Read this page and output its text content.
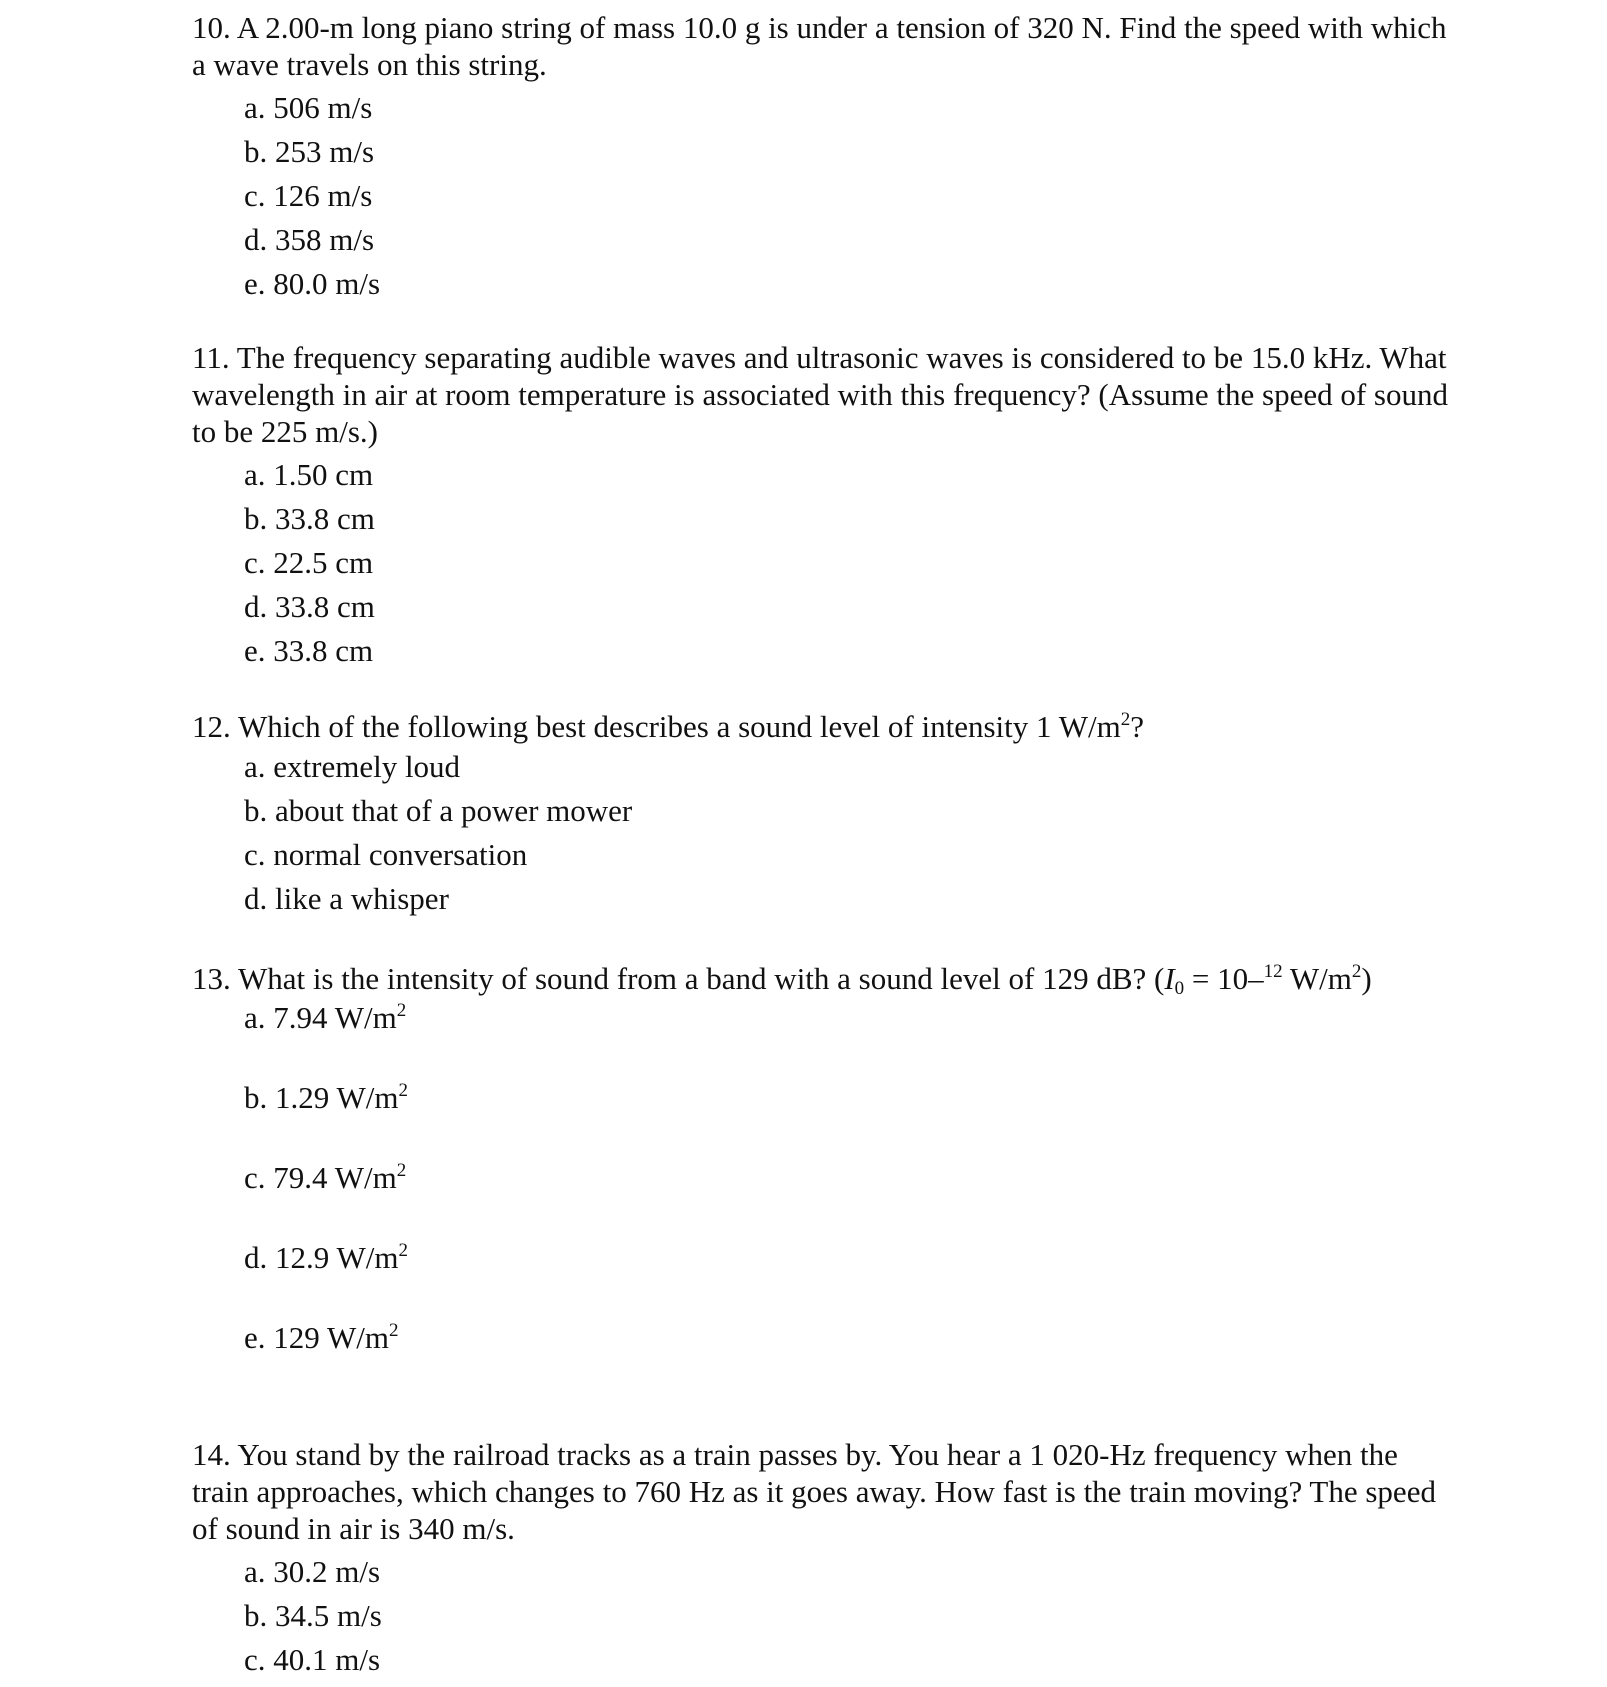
10. A 2.00-m long piano string of mass 10.0 g is under a tension of 320 N. Find the speed with which a wave travels on this string.

a. 506 m/s
b. 253 m/s
c. 126 m/s
d. 358 m/s
e. 80.0 m/s

11. The frequency separating audible waves and ultrasonic waves is considered to be 15.0 kHz. What wavelength in air at room temperature is associated with this frequency? (Assume the speed of sound to be 225 m/s.)

a. 1.50 cm
b. 33.8 cm
c. 22.5 cm
d. 33.8 cm
e. 33.8 cm

12. Which of the following best describes a sound level of intensity 1 $W/m^2$?

a. extremely loud
b. about that of a power mower
c. normal conversation
d. like a whisper

13. What is the intensity of sound from a band with a sound level of 129 dB? ($I_0 = 10-^{12}$ $W/m^2$)

a. 7.94 $W/m^2$
b. 1.29 $W/m^2$
c. 79.4 $W/m^2$
d. 12.9 $W/m^2$
e. 129 $W/m^2$

14. You stand by the railroad tracks as a train passes by. You hear a 1 020-Hz frequency when the train approaches, which changes to 760 Hz as it goes away. How fast is the train moving? The speed of sound in air is 340 m/s.

a. 30.2 m/s
b. 34.5 m/s
c. 40.1 m/s
